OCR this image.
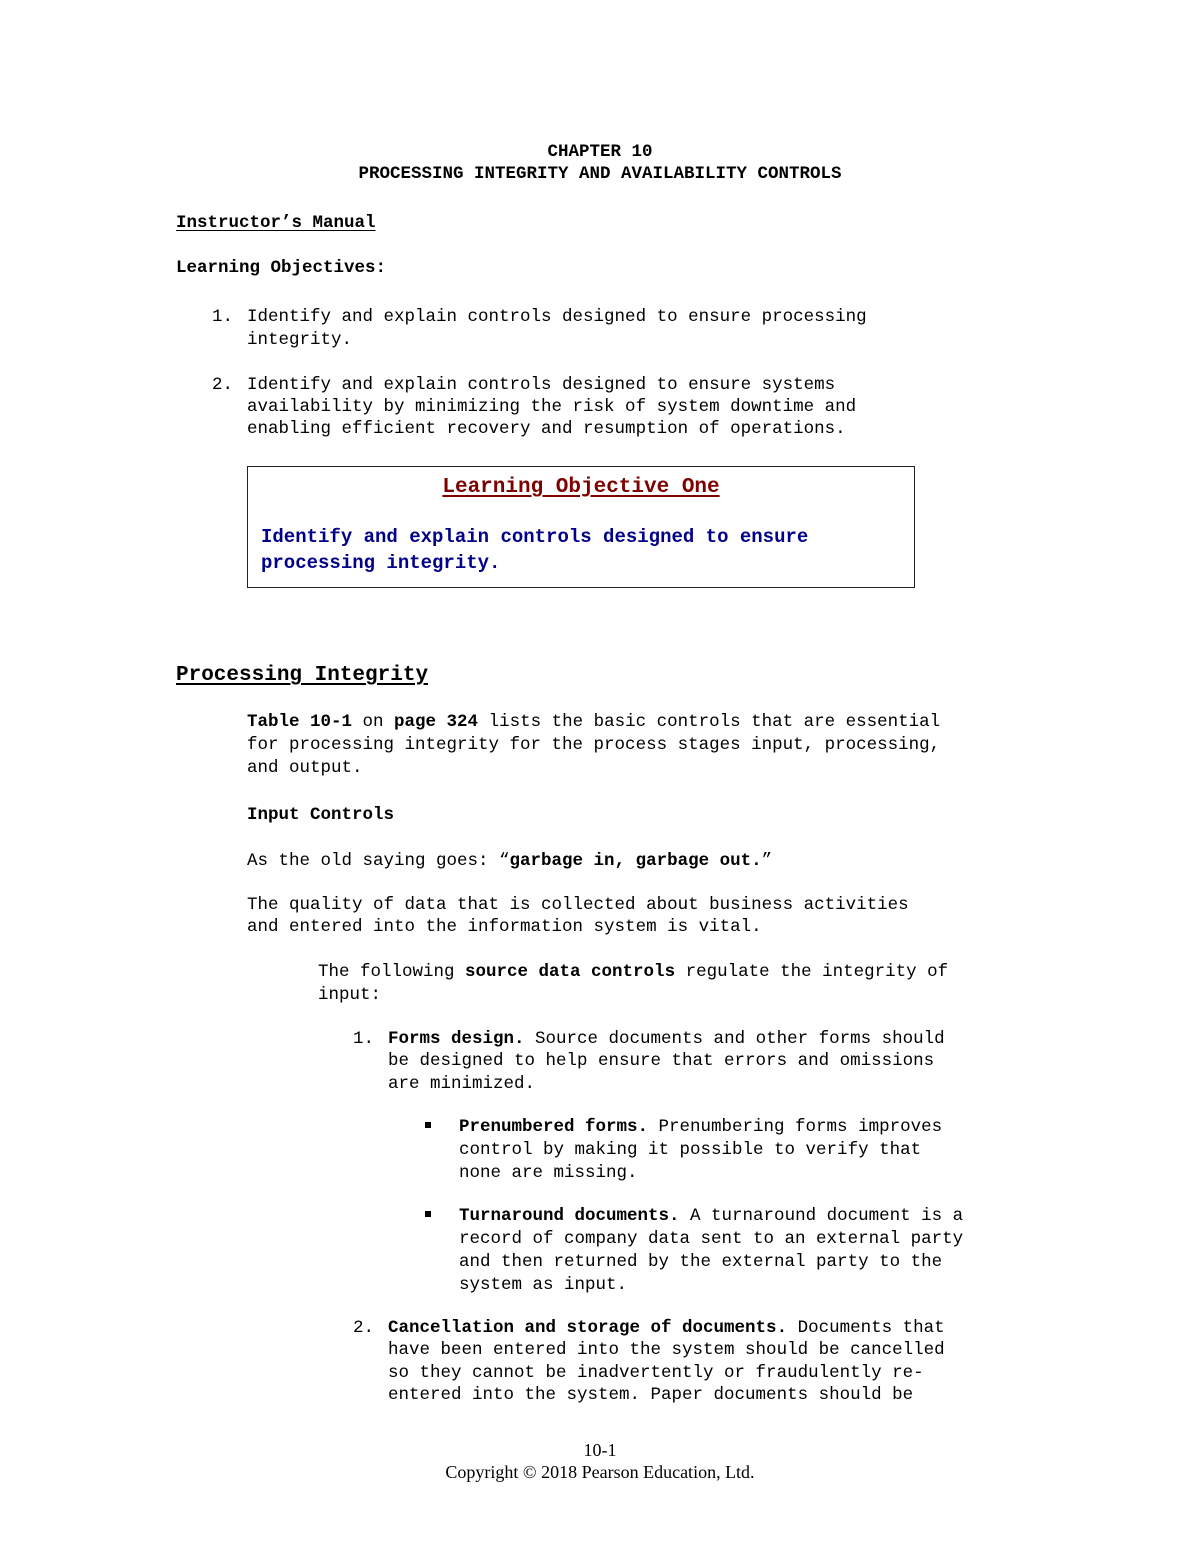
CHAPTER 10
PROCESSING INTEGRITY AND AVAILABILITY CONTROLS
Instructor’s Manual
Learning Objectives:
1. Identify and explain controls designed to ensure processing
integrity.
2. Identify and explain controls designed to ensure systems
availability by minimizing the risk of system downtime and
enabling efficient recovery and resumption of operations.
Learning Objective One
Identify and explain controls designed to ensure
processing integrity.
Processing Integrity
Table 10-1 on page 324 lists the basic controls that are essential
for processing integrity for the process stages input, processing,
and output.
Input Controls
As the old saying goes: “garbage in, garbage out.”
The quality of data that is collected about business activities
and entered into the information system is vital.
The following source data controls regulate the integrity of
input:
1. Forms design. Source documents and other forms should
be designed to help ensure that errors and omissions
are minimized.
Prenumbered forms. Prenumbering forms improves
control by making it possible to verify that
none are missing.
Turnaround documents. A turnaround document is a
record of company data sent to an external party
and then returned by the external party to the
system as input.
2. Cancellation and storage of documents. Documents that
have been entered into the system should be cancelled
so they cannot be inadvertently or fraudulently re-
entered into the system. Paper documents should be
10-1
Copyright © 2018 Pearson Education, Ltd.
